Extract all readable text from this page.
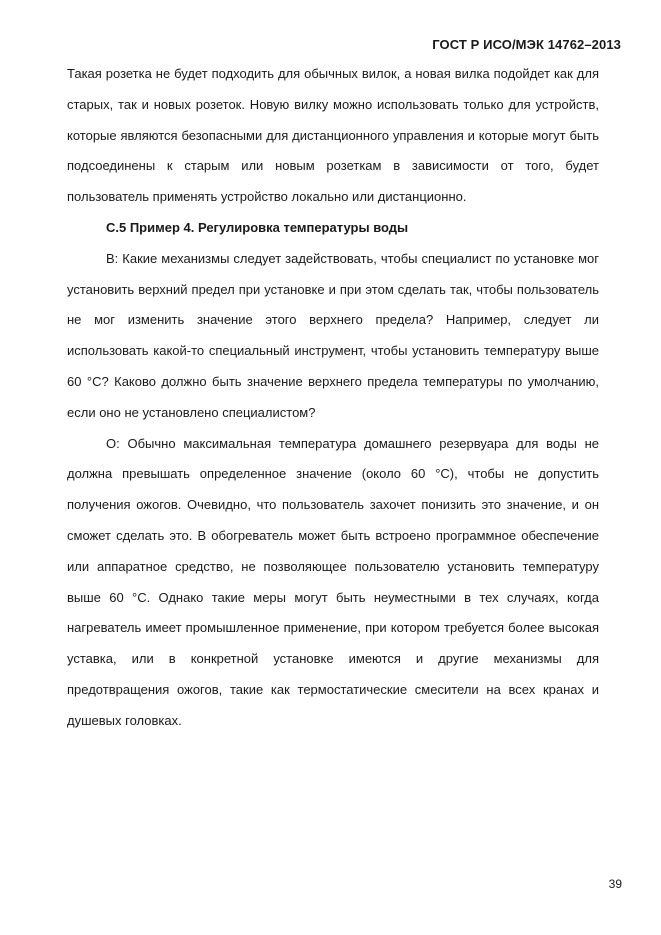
ГОСТ Р ИСО/МЭК 14762–2013

Такая розетка не будет подходить для обычных вилок, а новая вилка подойдет как для старых, так и новых розеток. Новую вилку можно использовать только для устройств, которые являются безопасными для дистанционного управления и которые могут быть подсоединены к старым или новым розеткам в зависимости от того, будет пользователь применять устройство локально или дистанционно.

С.5 Пример 4. Регулировка температуры воды

В: Какие механизмы следует задействовать, чтобы специалист по установке мог установить верхний предел при установке и при этом сделать так, чтобы пользователь не мог изменить значение этого верхнего предела? Например, следует ли использовать какой-то специальный инструмент, чтобы установить температуру выше 60 °C? Каково должно быть значение верхнего предела температуры по умолчанию, если оно не установлено специалистом?

О: Обычно максимальная температура домашнего резервуара для воды не должна превышать определенное значение (около 60 °C), чтобы не допустить получения ожогов. Очевидно, что пользователь захочет понизить это значение, и он сможет сделать это. В обогреватель может быть встроено программное обеспечение или аппаратное средство, не позволяющее пользователю установить температуру выше 60 °C. Однако такие меры могут быть неуместными в тех случаях, когда нагреватель имеет промышленное применение, при котором требуется более высокая уставка, или в конкретной установке имеются и другие механизмы для предотвращения ожогов, такие как термостатические смесители на всех кранах и душевых головках.

39
